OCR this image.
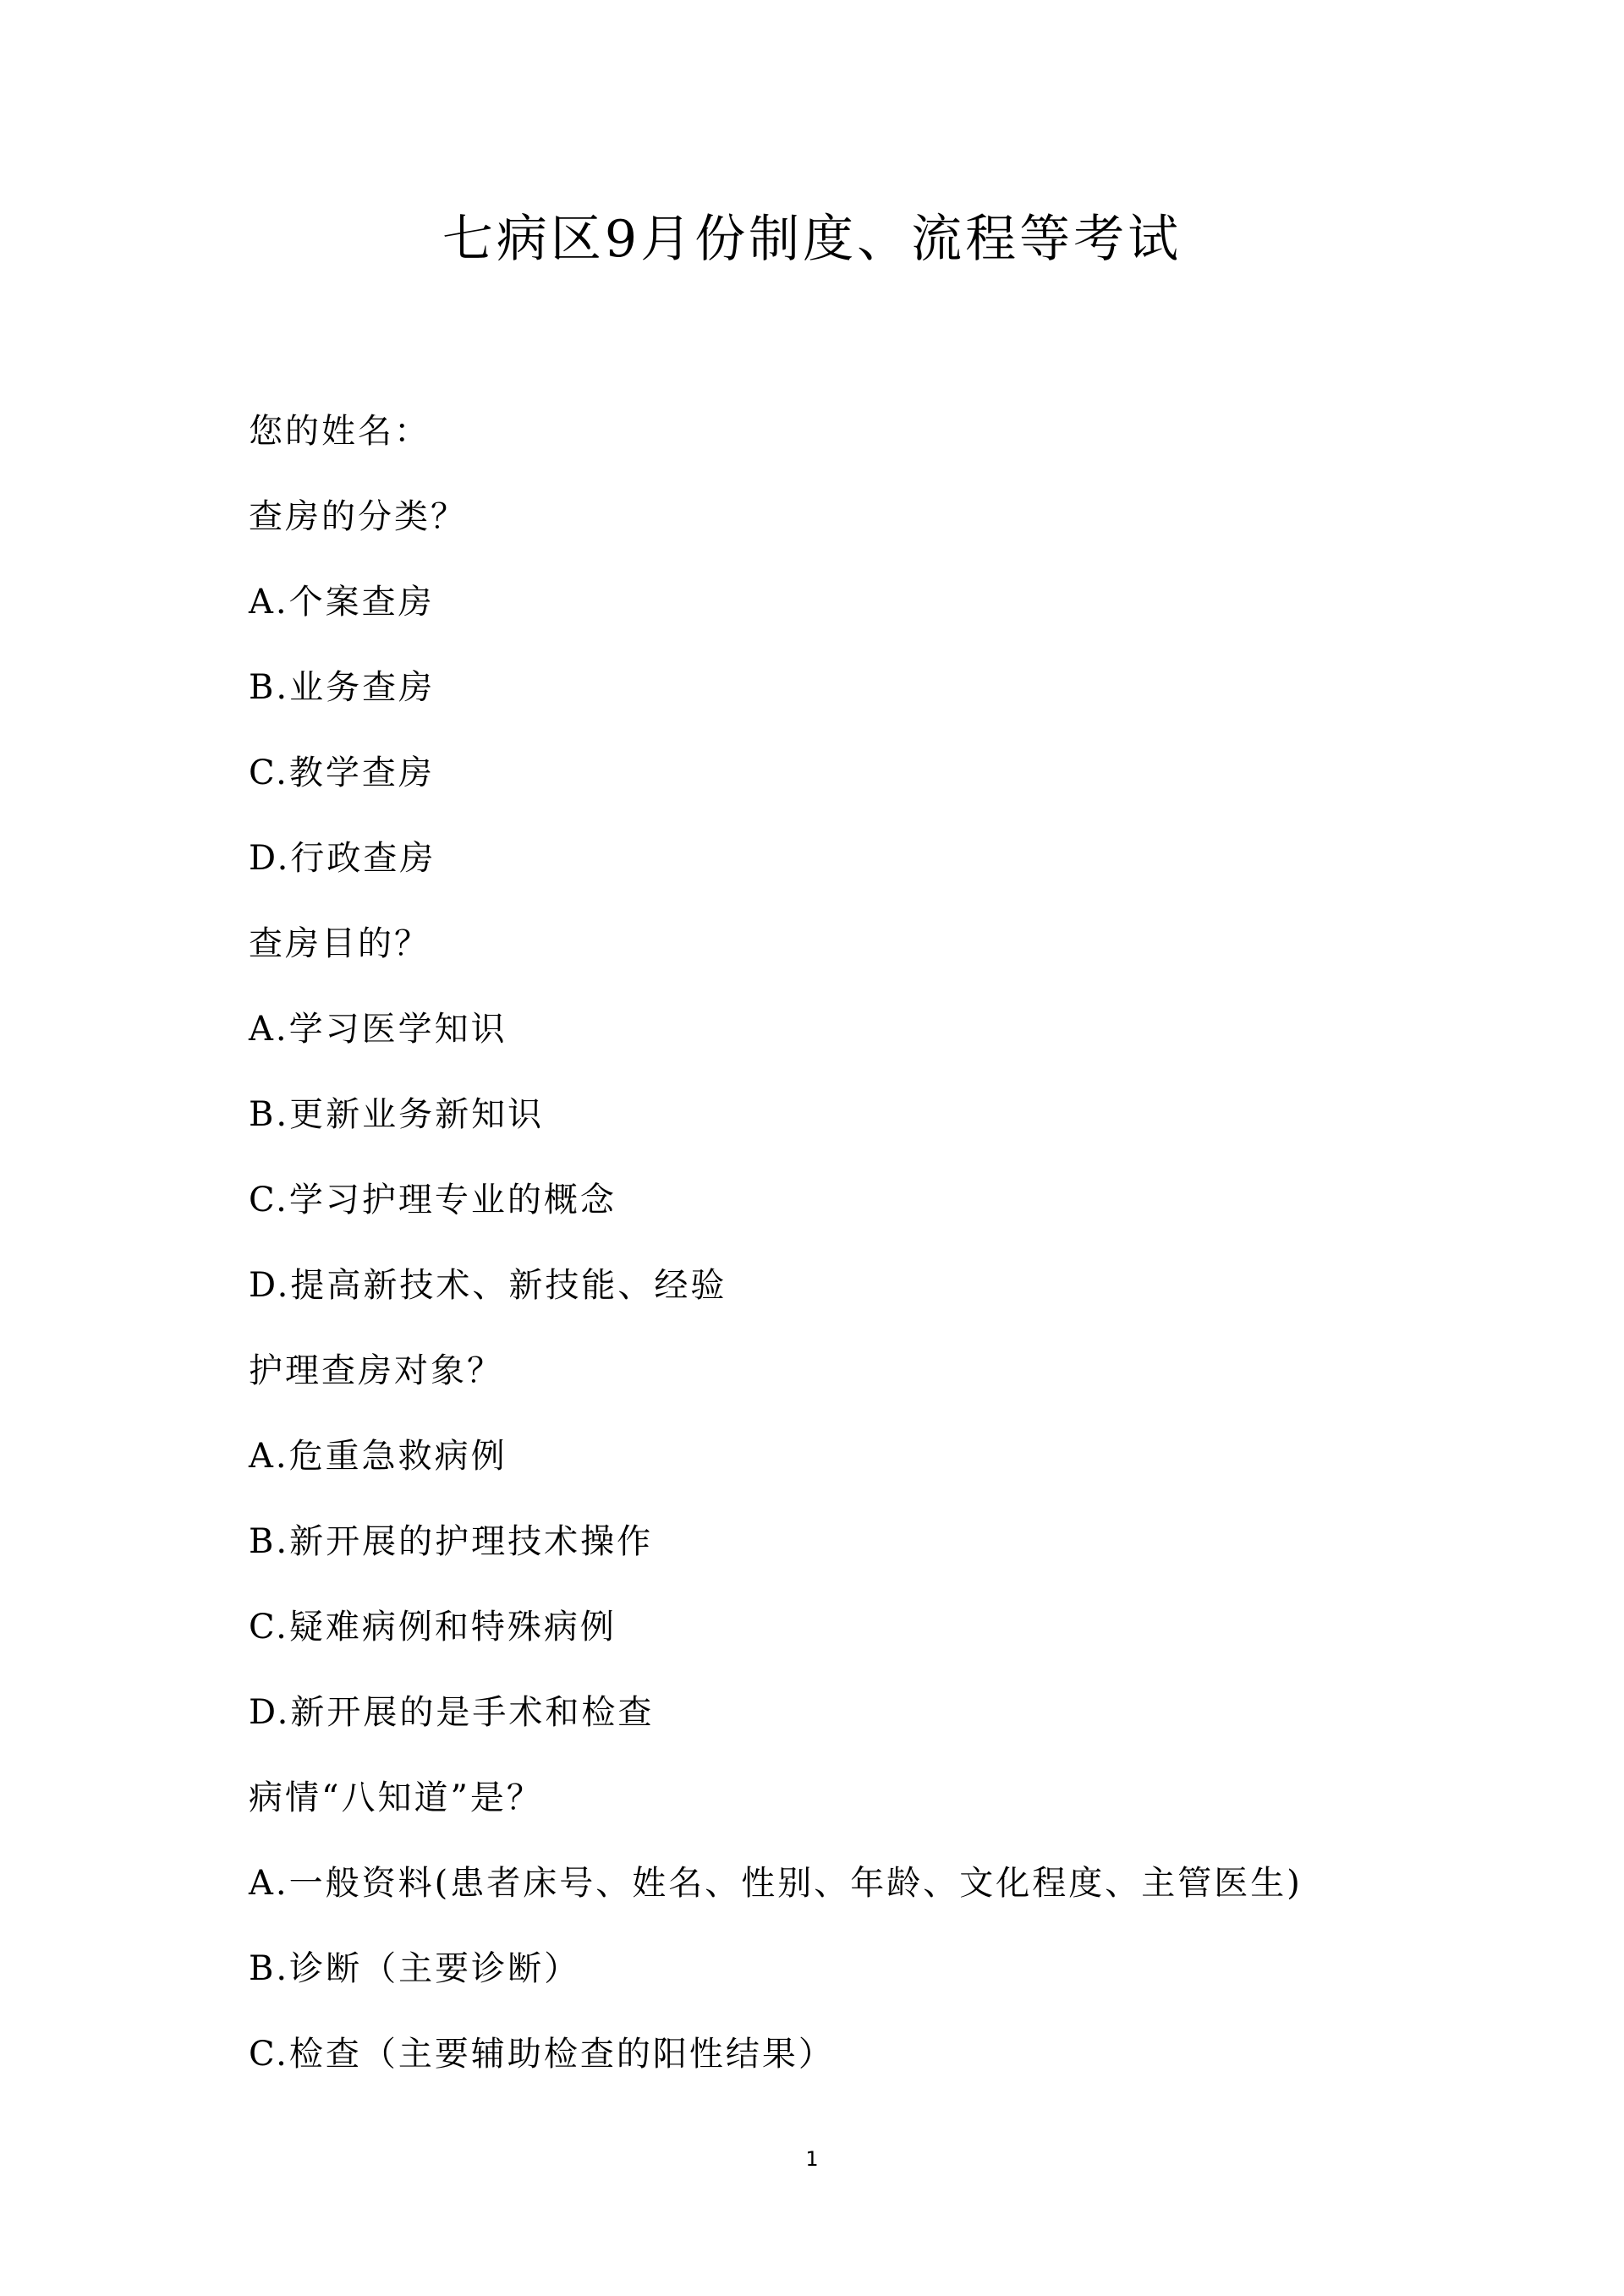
七病区9月份制度、流程等考试
您的姓名：
查房的分类？
A.个案查房
B.业务查房
C.教学查房
D.行政查房
查房目的？
A.学习医学知识
B.更新业务新知识
C.学习护理专业的概念
D.提高新技术、新技能、经验
护理查房对象？
A.危重急救病例
B.新开展的护理技术操作
C.疑难病例和特殊病例
D.新开展的是手术和检查
病情“八知道”是？
A.一般资料(患者床号、姓名、性别、年龄、文化程度、主管医生)
B.诊断（主要诊断）
C.检查（主要辅助检查的阳性结果）
1
